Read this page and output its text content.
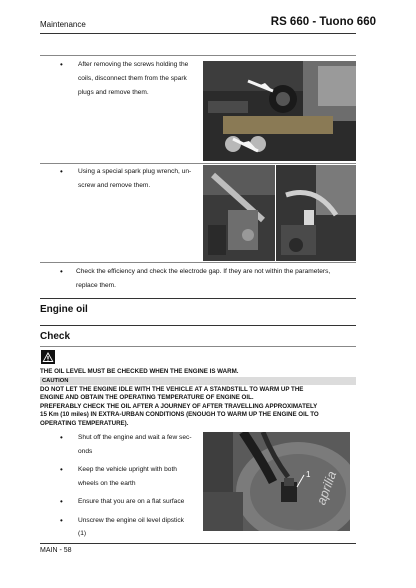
Maintenance	RS 660 - Tuono 660
•	After removing the screws holding the
coils, disconnect them from the spark
plugs and remove them.
•	Using a special spark plug wrench, un-
screw and remove them.
•	Check the efficiency and check the electrode gap. If they are not within the parameters,
replace them.
Engine oil
Check
THE OIL LEVEL MUST BE CHECKED WHEN THE ENGINE IS WARM.
CAUTION
DO NOT LET THE ENGINE IDLE WITH THE VEHICLE AT A STANDSTILL TO WARM UP THE
ENGINE AND OBTAIN THE OPERATING TEMPERATURE OF ENGINE OIL.
PREFERABLY CHECK THE OIL AFTER A JOURNEY OF AFTER TRAVELLING APPROXIMATELY
15 Km (10 miles) IN EXTRA-URBAN CONDITIONS (ENOUGH TO WARM UP THE ENGINE OIL TO
OPERATING TEMPERATURE).
•	Shut off the engine and wait a few sec-
onds
•	Keep the vehicle upright with both
wheels on the earth
•	Ensure that you are on a flat surface
•	Unscrew the engine oil level dipstick
(1)
aprilia
1
MAIN - 58
